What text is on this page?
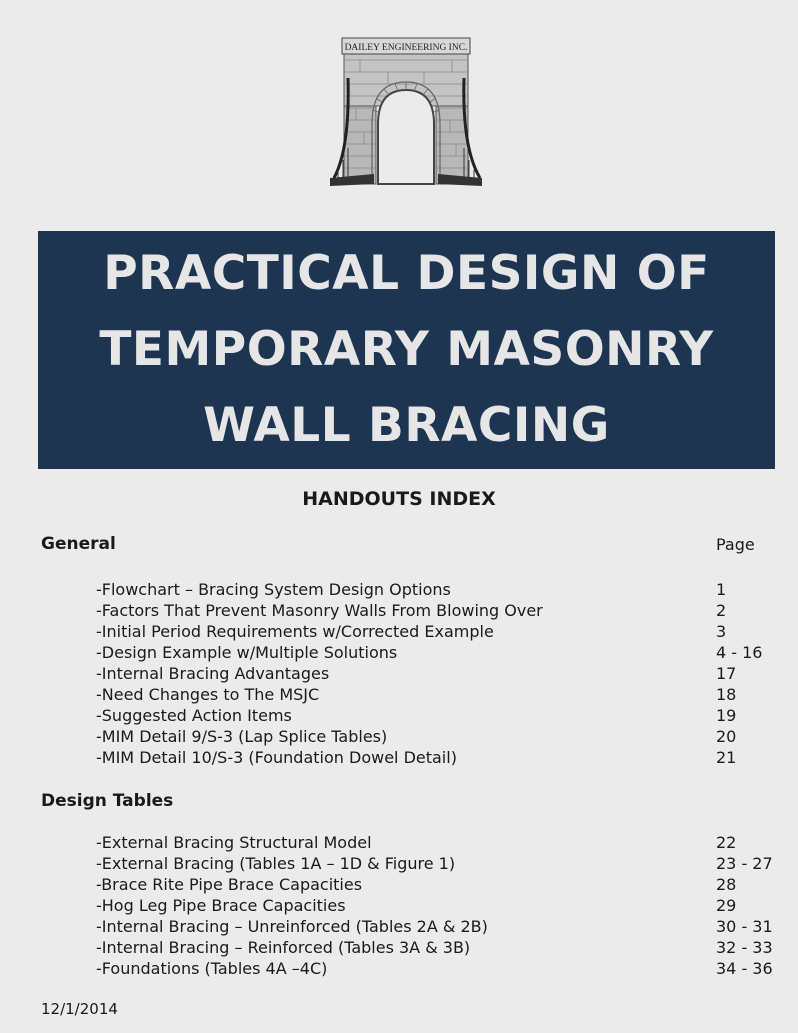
DAILEY ENGINEERING INC.
PRACTICAL DESIGN OF
TEMPORARY MASONRY
WALL BRACING
HANDOUTS INDEX
General	Page
-Flowchart – Bracing System Design Options	1
-Factors That Prevent Masonry Walls From Blowing Over	2
-Initial Period Requirements w/Corrected Example	3
-Design Example w/Multiple Solutions	4 - 16
-Internal Bracing Advantages	17
-Need Changes to The MSJC	18
-Suggested Action Items	19
-MIM Detail 9/S-3 (Lap Splice Tables)	20
-MIM Detail 10/S-3 (Foundation Dowel Detail)	21
Design Tables
-External Bracing Structural Model	22
-External Bracing (Tables 1A – 1D & Figure 1)	23 - 27
-Brace Rite Pipe Brace Capacities	28
-Hog Leg Pipe Brace Capacities	29
-Internal Bracing – Unreinforced (Tables 2A & 2B)	30 - 31
-Internal Bracing – Reinforced (Tables 3A & 3B)	32 - 33
-Foundations (Tables 4A –4C)	34 - 36
12/1/2014
